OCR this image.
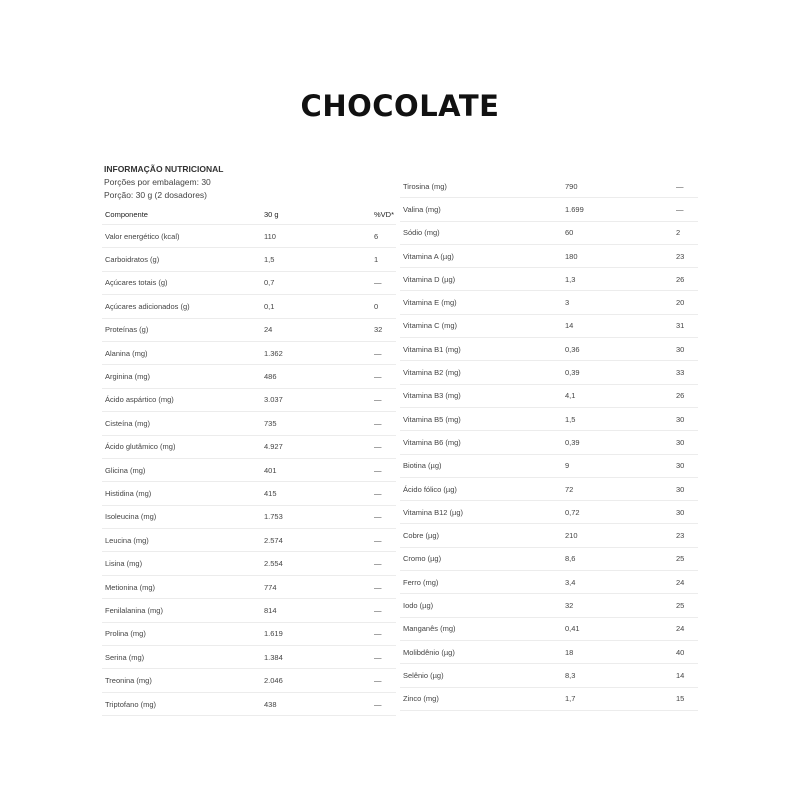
CHOCOLATE
INFORMAÇÃO NUTRICIONAL
Porções por embalagem: 30
Porção: 30 g (2 dosadores)
Componente	30 g	%VD*
Valor energético (kcal)	110	6
Carboidratos (g)	1,5	1
Açúcares totais (g)	0,7	—
Açúcares adicionados (g)	0,1	0
Proteínas (g)	24	32
Alanina (mg)	1.362	—
Arginina (mg)	486	—
Ácido aspártico (mg)	3.037	—
Cisteína (mg)	735	—
Ácido glutâmico (mg)	4.927	—
Glicina (mg)	401	—
Histidina (mg)	415	—
Isoleucina (mg)	1.753	—
Leucina (mg)	2.574	—
Lisina (mg)	2.554	—
Metionina (mg)	774	—
Fenilalanina (mg)	814	—
Prolina (mg)	1.619	—
Serina (mg)	1.384	—
Treonina (mg)	2.046	—
Triptofano (mg)	438	—
Tirosina (mg)	790	—
Valina (mg)	1.699	—
Sódio (mg)	60	2
Vitamina A (µg)	180	23
Vitamina D (µg)	1,3	26
Vitamina E (mg)	3	20
Vitamina C (mg)	14	31
Vitamina B1 (mg)	0,36	30
Vitamina B2 (mg)	0,39	33
Vitamina B3 (mg)	4,1	26
Vitamina B5 (mg)	1,5	30
Vitamina B6 (mg)	0,39	30
Biotina (µg)	9	30
Ácido fólico (µg)	72	30
Vitamina B12 (µg)	0,72	30
Cobre (µg)	210	23
Cromo (µg)	8,6	25
Ferro (mg)	3,4	24
Iodo (µg)	32	25
Manganês (mg)	0,41	24
Molibdênio (µg)	18	40
Selênio (µg)	8,3	14
Zinco (mg)	1,7	15
